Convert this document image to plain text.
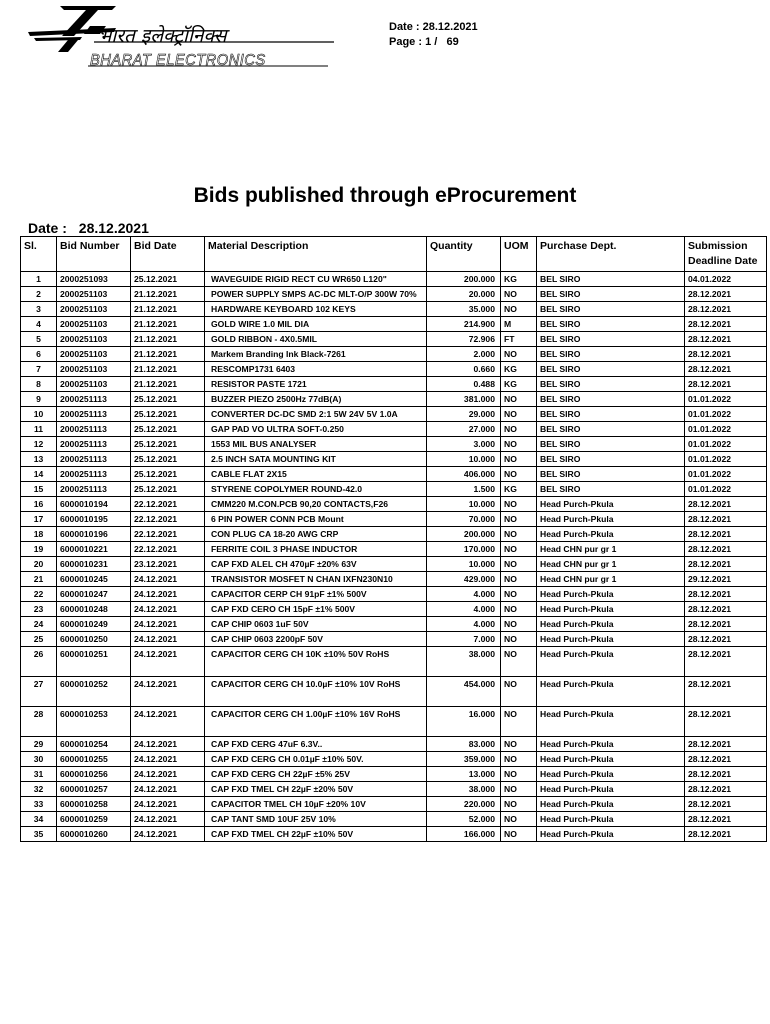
भारत इलेक्ट्रॉनिक्स
BHARAT ELECTRONICS
Date : 28.12.2021
Page : 1 /   69
Bids published through eProcurement
Date : 28.12.2021
Sl.	Bid Number	Bid Date	Material Description	Quantity	UOM	Purchase Dept.	Submission Deadline Date
1	2000251093	25.12.2021	WAVEGUIDE RIGID RECT CU WR650 L120"	200.000	KG	BEL SIRO	04.01.2022
2	2000251103	21.12.2021	POWER SUPPLY SMPS AC-DC MLT-O/P 300W 70%	20.000	NO	BEL SIRO	28.12.2021
3	2000251103	21.12.2021	HARDWARE KEYBOARD 102 KEYS	35.000	NO	BEL SIRO	28.12.2021
4	2000251103	21.12.2021	GOLD WIRE 1.0 MIL DIA	214.900	M	BEL SIRO	28.12.2021
5	2000251103	21.12.2021	GOLD RIBBON - 4X0.5MIL	72.906	FT	BEL SIRO	28.12.2021
6	2000251103	21.12.2021	Markem Branding Ink Black-7261	2.000	NO	BEL SIRO	28.12.2021
7	2000251103	21.12.2021	RESCOMP1731 6403	0.660	KG	BEL SIRO	28.12.2021
8	2000251103	21.12.2021	RESISTOR PASTE 1721	0.488	KG	BEL SIRO	28.12.2021
9	2000251113	25.12.2021	BUZZER PIEZO 2500Hz 77dB(A)	381.000	NO	BEL SIRO	01.01.2022
10	2000251113	25.12.2021	CONVERTER DC-DC SMD 2:1 5W 24V 5V 1.0A	29.000	NO	BEL SIRO	01.01.2022
11	2000251113	25.12.2021	GAP PAD VO ULTRA SOFT-0.250	27.000	NO	BEL SIRO	01.01.2022
12	2000251113	25.12.2021	1553 MIL BUS ANALYSER	3.000	NO	BEL SIRO	01.01.2022
13	2000251113	25.12.2021	2.5 INCH SATA MOUNTING KIT	10.000	NO	BEL SIRO	01.01.2022
14	2000251113	25.12.2021	CABLE FLAT 2X15	406.000	NO	BEL SIRO	01.01.2022
15	2000251113	25.12.2021	STYRENE COPOLYMER ROUND-42.0	1.500	KG	BEL SIRO	01.01.2022
16	6000010194	22.12.2021	CMM220 M.CON.PCB 90,20 CONTACTS,F26	10.000	NO	Head Purch-Pkula	28.12.2021
17	6000010195	22.12.2021	6 PIN POWER CONN PCB Mount	70.000	NO	Head Purch-Pkula	28.12.2021
18	6000010196	22.12.2021	CON PLUG CA 18-20 AWG CRP	200.000	NO	Head Purch-Pkula	28.12.2021
19	6000010221	22.12.2021	FERRITE COIL 3 PHASE INDUCTOR	170.000	NO	Head CHN pur gr 1	28.12.2021
20	6000010231	23.12.2021	CAP FXD ALEL CH 470µF ±20% 63V	10.000	NO	Head CHN pur gr 1	28.12.2021
21	6000010245	24.12.2021	TRANSISTOR MOSFET N CHAN IXFN230N10	429.000	NO	Head CHN pur gr 1	29.12.2021
22	6000010247	24.12.2021	CAPACITOR CERP CH 91pF ±1% 500V	4.000	NO	Head Purch-Pkula	28.12.2021
23	6000010248	24.12.2021	CAP FXD CERO CH 15pF ±1% 500V	4.000	NO	Head Purch-Pkula	28.12.2021
24	6000010249	24.12.2021	CAP CHIP 0603 1uF 50V	4.000	NO	Head Purch-Pkula	28.12.2021
25	6000010250	24.12.2021	CAP CHIP 0603 2200pF 50V	7.000	NO	Head Purch-Pkula	28.12.2021
26	6000010251	24.12.2021	CAPACITOR CERG CH 10K ±10% 50V RoHS	38.000	NO	Head Purch-Pkula	28.12.2021
27	6000010252	24.12.2021	CAPACITOR CERG CH 10.0µF ±10% 10V RoHS	454.000	NO	Head Purch-Pkula	28.12.2021
28	6000010253	24.12.2021	CAPACITOR CERG CH 1.00µF ±10% 16V RoHS	16.000	NO	Head Purch-Pkula	28.12.2021
29	6000010254	24.12.2021	CAP FXD CERG 47uF 6.3V..	83.000	NO	Head Purch-Pkula	28.12.2021
30	6000010255	24.12.2021	CAP FXD CERG CH 0.01µF ±10% 50V.	359.000	NO	Head Purch-Pkula	28.12.2021
31	6000010256	24.12.2021	CAP FXD CERG CH 22µF ±5% 25V	13.000	NO	Head Purch-Pkula	28.12.2021
32	6000010257	24.12.2021	CAP FXD TMEL CH 22µF ±20% 50V	38.000	NO	Head Purch-Pkula	28.12.2021
33	6000010258	24.12.2021	CAPACITOR TMEL CH 10µF ±20% 10V	220.000	NO	Head Purch-Pkula	28.12.2021
34	6000010259	24.12.2021	CAP TANT SMD 10UF 25V 10%	52.000	NO	Head Purch-Pkula	28.12.2021
35	6000010260	24.12.2021	CAP FXD TMEL CH 22µF ±10% 50V	166.000	NO	Head Purch-Pkula	28.12.2021
